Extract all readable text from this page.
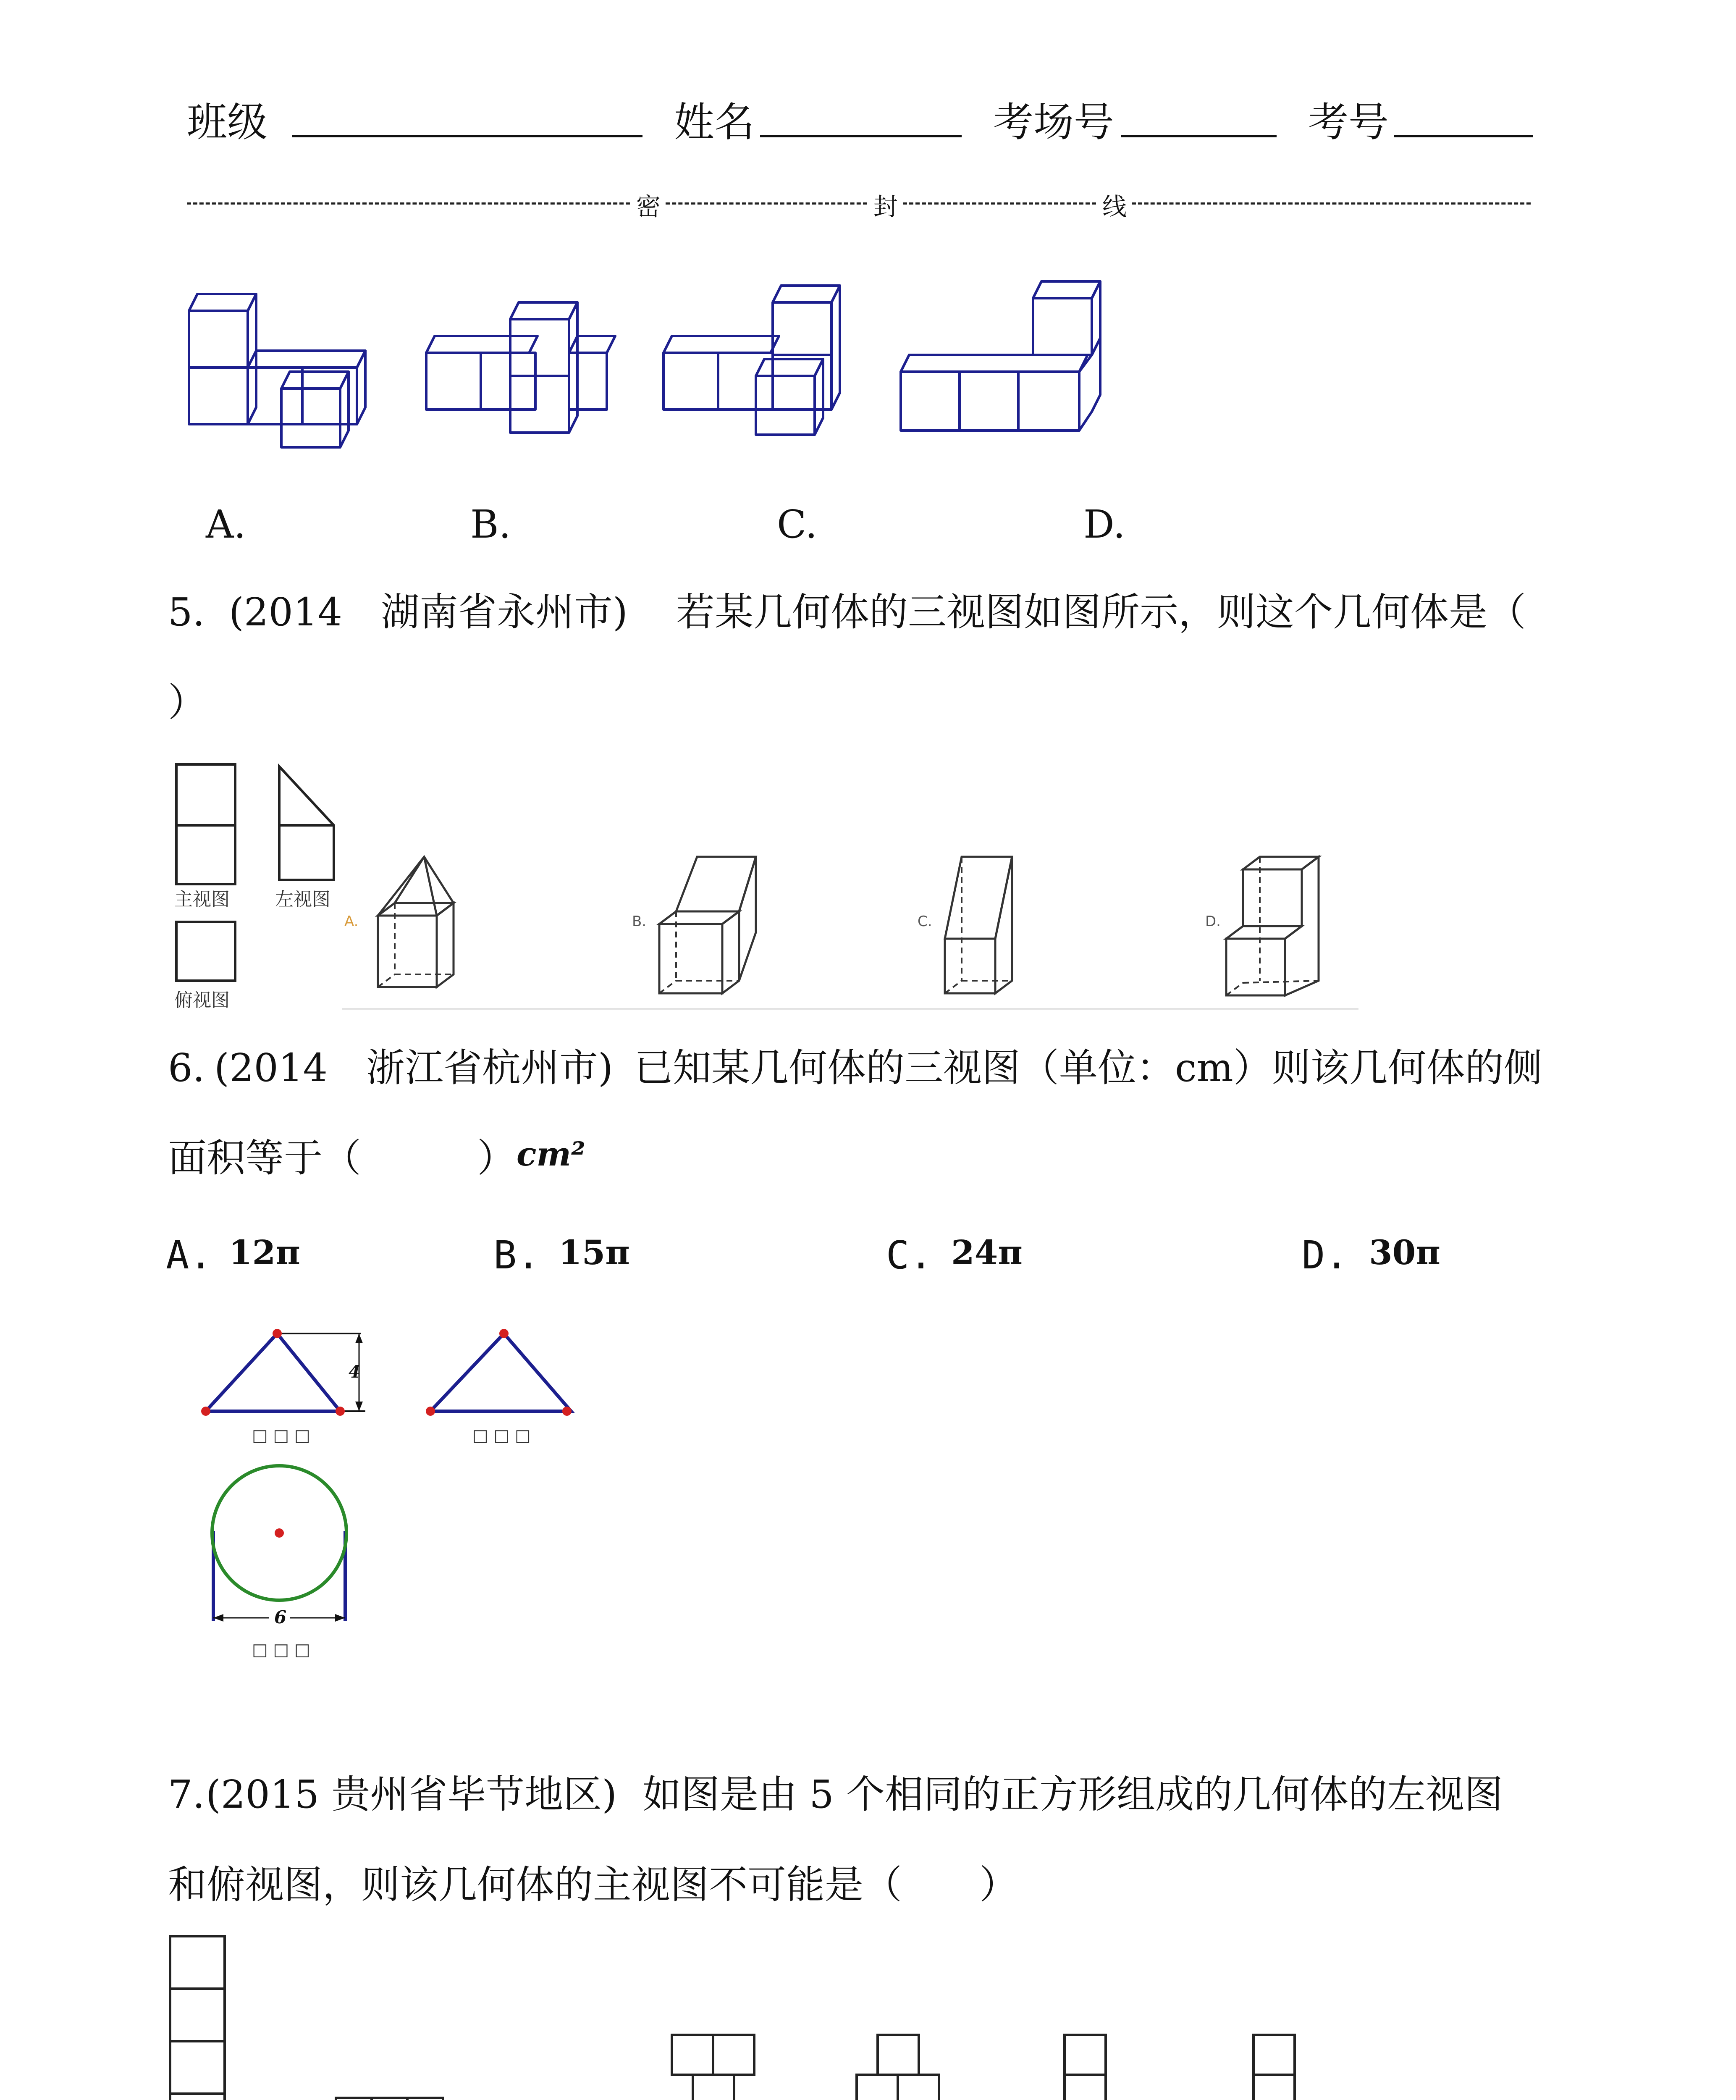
班级	姓名	考场号	考号
密	封	线
A.	B.	C.	D.
5. (2014　湖南省永州市) 若某几何体的三视图如图所示，则这个几何体是（
）
主视图 左视图
俯视图
A.	B.	C.	D.
6. (2014　浙江省杭州市) 已知某几何体的三视图（单位：cm）则该几何体的侧
面积等于（　　　） cm²
A. 12π	B. 15π	C. 24π	D. 30π
4
□ □ □	□ □ □
6
□ □ □
7. (2015 贵州省毕节地区) 如图是由 5 个相同的正方形组成的几何体的左视图
和俯视图，则该几何体的主视图不可能是（　　）
